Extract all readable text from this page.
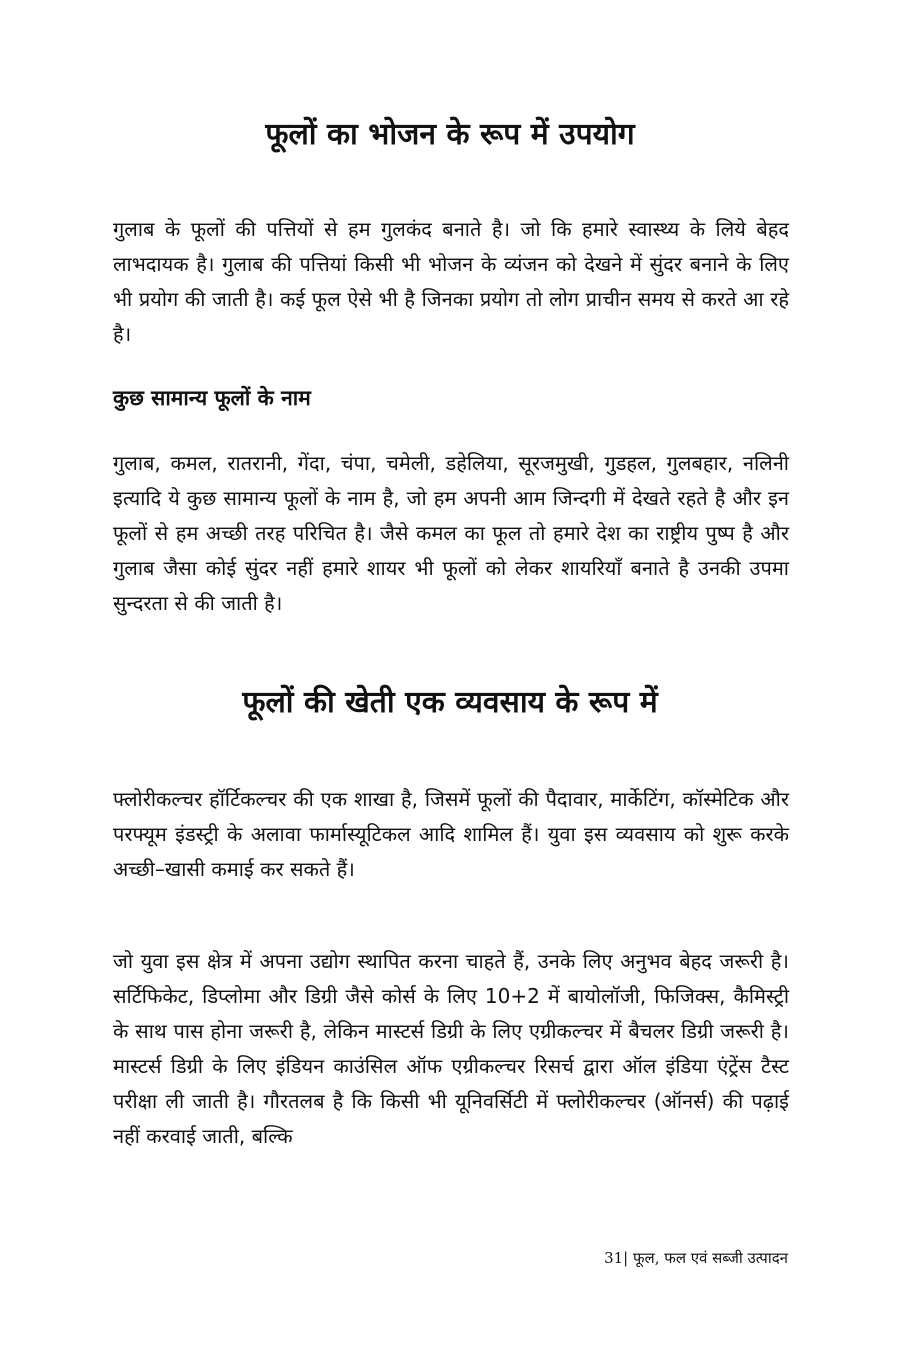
फूलों का भोजन के रूप में उपयोग

गुलाब के फूलों की पत्तियों से हम गुलकंद बनाते है। जो कि हमारे स्वास्थ्य के लिये बेहद लाभदायक है। गुलाब की पत्तियां किसी भी भोजन के व्यंजन को देखने में सुंदर बनाने के लिए भी प्रयोग की जाती है। कई फूल ऐसे भी है जिनका प्रयोग तो लोग प्राचीन समय से करते आ रहे है।

कुछ सामान्य फूलों के नाम

गुलाब, कमल, रातरानी, गेंदा, चंपा, चमेली, डहेलिया, सूरजमुखी, गुडहल, गुलबहार, नलिनी इत्यादि ये कुछ सामान्य फूलों के नाम है, जो हम अपनी आम जिन्दगी में देखते रहते है और इन फूलों से हम अच्छी तरह परिचित है। जैसे कमल का फूल तो हमारे देश का राष्ट्रीय पुष्प है और गुलाब जैसा कोई सुंदर नहीं हमारे शायर भी फूलों को लेकर शायरियाँ बनाते है उनकी उपमा सुन्दरता से की जाती है।

फूलों की खेती एक व्यवसाय के रूप में

फ्लोरीकल्चर हॉर्टिकल्चर की एक शाखा है, जिसमें फूलों की पैदावार, मार्केटिंग, कॉस्मेटिक और परफ्यूम इंडस्ट्री के अलावा फार्मास्यूटिकल आदि शामिल हैं। युवा इस व्यवसाय को शुरू करके अच्छी–खासी कमाई कर सकते हैं।

जो युवा इस क्षेत्र में अपना उद्योग स्थापित करना चाहते हैं, उनके लिए अनुभव बेहद जरूरी है। सर्टिफिकेट, डिप्लोमा और डिग्री जैसे कोर्स के लिए 10+2 में बायोलॉजी, फिजिक्स, कैमिस्ट्री के साथ पास होना जरूरी है, लेकिन मास्टर्स डिग्री के लिए एग्रीकल्चर में बैचलर डिग्री जरूरी है। मास्टर्स डिग्री के लिए इंडियन काउंसिल ऑफ एग्रीकल्चर रिसर्च द्वारा ऑल इंडिया एंट्रेंस टैस्ट परीक्षा ली जाती है। गौरतलब है कि किसी भी यूनिवर्सिटी में फ्लोरीकल्चर (ऑनर्स) की पढ़ाई नहीं करवाई जाती, बल्कि

31| फूल, फल एवं सब्जी उत्पादन
